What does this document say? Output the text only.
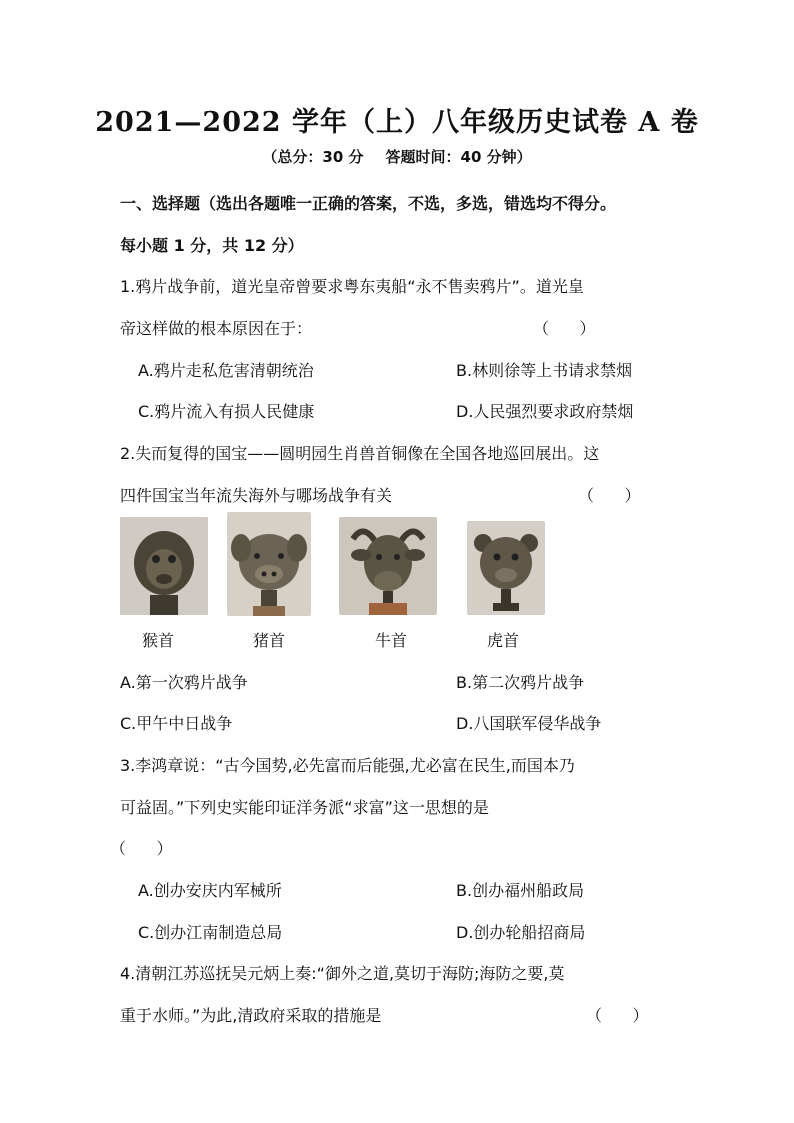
2021—2022 学年（上）八年级历史试卷 A 卷
（总分：30 分 答题时间：40 分钟）
一、选择题（选出各题唯一正确的答案，不选，多选，错选均不得分。
每小题 1 分，共 12 分）
1.鸦片战争前，道光皇帝曾要求粤东夷船“永不售卖鸦片”。道光皇
帝这样做的根本原因在于：	（      ）
A.鸦片走私危害清朝统治	B.林则徐等上书请求禁烟
C.鸦片流入有损人民健康	D.人民强烈要求政府禁烟
2.失而复得的国宝——圆明园生肖兽首铜像在全国各地巡回展出。这
四件国宝当年流失海外与哪场战争有关	（      ）
猴首	猪首	牛首	虎首
A.第一次鸦片战争	B.第二次鸦片战争
C.甲午中日战争	D.八国联军侵华战争
3.李鸿章说：“古今国势,必先富而后能强,尤必富在民生,而国本乃
可益固。”下列史实能印证洋务派“求富”这一思想的是
（      ）
A.创办安庆内军械所	B.创办福州船政局
C.创办江南制造总局	D.创办轮船招商局
4.清朝江苏巡抚吴元炳上奏:“御外之道,莫切于海防;海防之要,莫
重于水师。”为此,清政府采取的措施是	（      ）
